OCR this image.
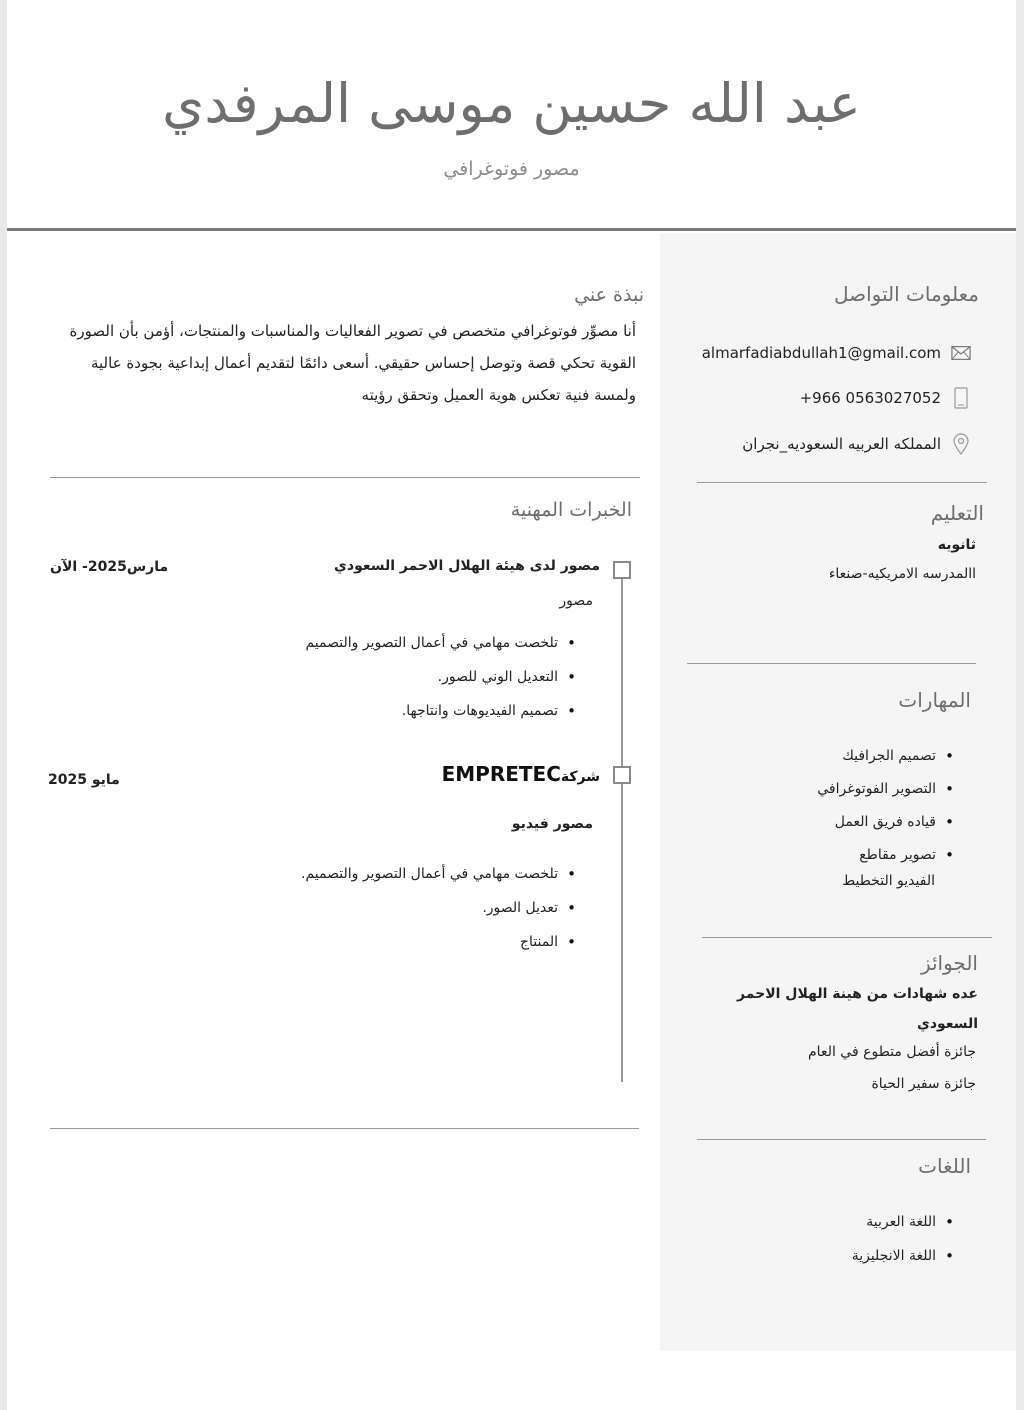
عبد الله حسين موسى المرفدي
مصور فوتوغرافي
معلومات التواصل
almarfadiabdullah1@gmail.com
+966 0563027052
المملكه العربيه السعوديه_نجران
التعليم
ثانويه
االمدرسه الامريكيه-صنعاء
المهارات
• تصميم الجرافيك
• التصوير الفوتوغرافي
• قياده فريق العمل
• تصوير مقاطع
الفيديو التخطيط
الجوائز
عده شهادات من هينة الهلال الاحمر
السعودي
جائزة أفضل متطوع في العام
جائزة سفير الحياة
اللغات
• اللغة العربية
• اللغة الانجليزية
نبذة عني
أنا مصوِّر فوتوغرافي متخصص في تصوير الفعاليات والمناسبات والمنتجات، أؤمن بأن الصورة القوية تحكي قصة وتوصل إحساس حقيقي. أسعى دائمًا لتقديم أعمال إبداعية بجودة عالية ولمسة فنية تعكس هوية العميل وتحقق رؤيته
الخبرات المهنية
مصور لدى هيئة الهلال الاحمر السعودي
مارس2025- الآن
مصور
• تلخصت مهامي في أعمال التصوير والتصميم
• التعديل الوني للصور.
• تصميم الفيديوهات وانتاجها.
شركةEMPRETEC
مايو 2025
مصور فيديو
• تلخصت مهامي في أعمال التصوير والتصميم.
• تعديل الصور.
• المنتاج
